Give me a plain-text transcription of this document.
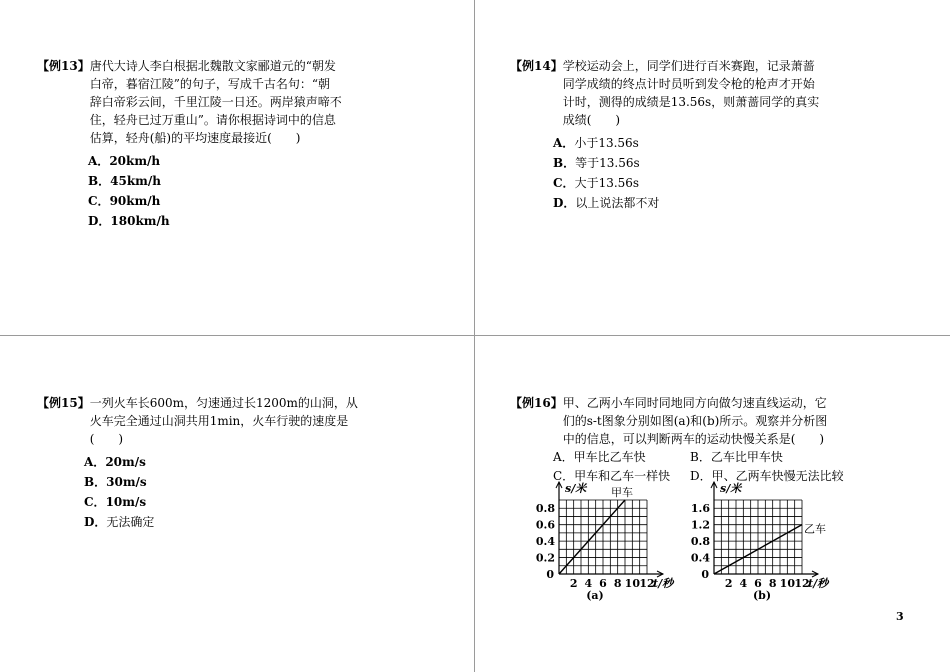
【例13】 唐代大诗人李白根据北魏散文家郦道元的“朝发
白帝，暮宿江陵”的句子，写成千古名句：“朝
辞白帝彩云间，千里江陵一日还。两岸猿声啼不
住，轻舟已过万重山”。请你根据诗词中的信息
估算，轻舟(船)的平均速度最接近(　　)
A．20km/h
B．45km/h
C．90km/h
D．180km/h
【例14】 学校运动会上，同学们进行百米赛跑，记录萧蔷
同学成绩的终点计时员听到发令枪的枪声才开始
计时，测得的成绩是13.56s，则萧蔷同学的真实
成绩(　　)
A．小于13.56s
B．等于13.56s
C．大于13.56s
D．以上说法都不对
【例15】 一列火车长600m，匀速通过长1200m的山洞，从
火车完全通过山洞共用1min，火车行驶的速度是
(　　)
A．20m/s
B．30m/s
C．10m/s
D．无法确定
【例16】 甲、乙两小车同时同地同方向做匀速直线运动，它
们的s-t图象分别如图(a)和(b)所示。观察并分析图
中的信息，可以判断两车的运动快慢关系是(　　)
A．甲车比乙车快	B．乙车比甲车快
C．甲车和乙车一样快	D．甲、乙两车快慢无法比较
2 4 6 8 10 12
0
0.2
0.4
0.6
0.8
s/米
t/秒
(a)
甲车
2 4 6 8 10 12
0
0.4
0.8
1.2
1.6
s/米
t/秒
(b)
乙车
3
